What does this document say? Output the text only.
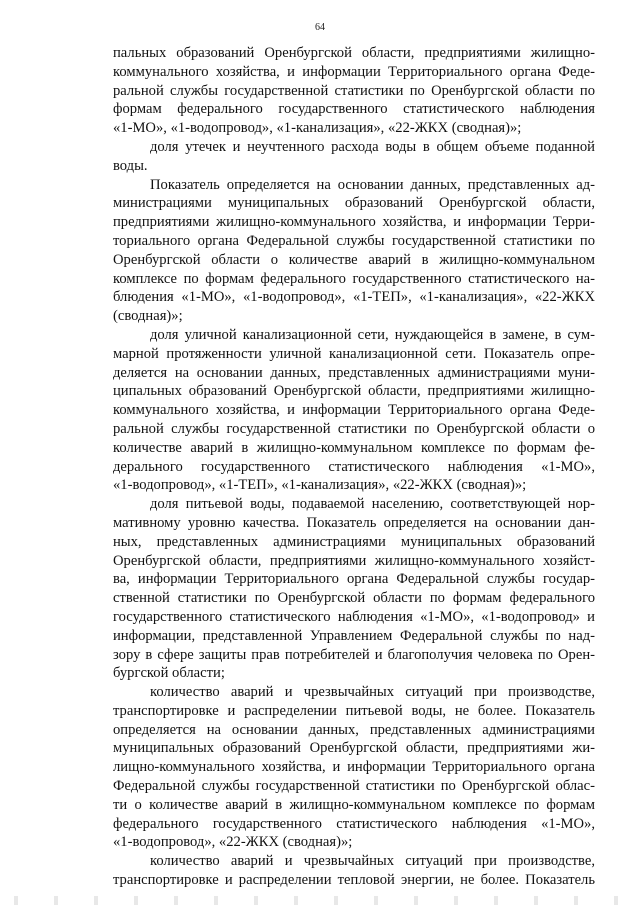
64
пальных образований Оренбургской области, предприятиями жилищно-
коммунального хозяйства, и информации Территориального органа Феде-
ральной службы государственной статистики по Оренбургской области по
формам федерального государственного статистического наблюдения
«1-МО», «1-водопровод», «1-канализация», «22-ЖКХ (сводная)»;
доля утечек и неучтенного расхода воды в общем объеме поданной
воды.
Показатель определяется на основании данных, представленных ад-
министрациями муниципальных образований Оренбургской области,
предприятиями жилищно-коммунального хозяйства, и информации Терри-
ториального органа Федеральной службы государственной статистики по
Оренбургской области о количестве аварий в жилищно-коммунальном
комплексе по формам федерального государственного статистического на-
блюдения «1-МО», «1-водопровод», «1-ТЕП», «1-канализация», «22-ЖКХ
(сводная)»;
доля уличной канализационной сети, нуждающейся в замене, в сум-
марной протяженности уличной канализационной сети. Показатель опре-
деляется на основании данных, представленных администрациями муни-
ципальных образований Оренбургской области, предприятиями жилищно-
коммунального хозяйства, и информации Территориального органа Феде-
ральной службы государственной статистики по Оренбургской области о
количестве аварий в жилищно-коммунальном комплексе по формам фе-
дерального государственного статистического наблюдения «1-МО»,
«1-водопровод», «1-ТЕП», «1-канализация», «22-ЖКХ (сводная)»;
доля питьевой воды, подаваемой населению, соответствующей нор-
мативному уровню качества. Показатель определяется на основании дан-
ных, представленных администрациями муниципальных образований
Оренбургской области, предприятиями жилищно-коммунального хозяйст-
ва, информации Территориального органа Федеральной службы государ-
ственной статистики по Оренбургской области по формам федерального
государственного статистического наблюдения «1-МО», «1-водопровод» и
информации, представленной Управлением Федеральной службы по над-
зору в сфере защиты прав потребителей и благополучия человека по Орен-
бургской области;
количество аварий и чрезвычайных ситуаций при производстве,
транспортировке и распределении питьевой воды, не более. Показатель
определяется на основании данных, представленных администрациями
муниципальных образований Оренбургской области, предприятиями жи-
лищно-коммунального хозяйства, и информации Территориального органа
Федеральной службы государственной статистики по Оренбургской облас-
ти о количестве аварий в жилищно-коммунальном комплексе по формам
федерального государственного статистического наблюдения «1-МО»,
«1-водопровод», «22-ЖКХ (сводная)»;
количество аварий и чрезвычайных ситуаций при производстве,
транспортировке и распределении тепловой энергии, не более. Показатель
